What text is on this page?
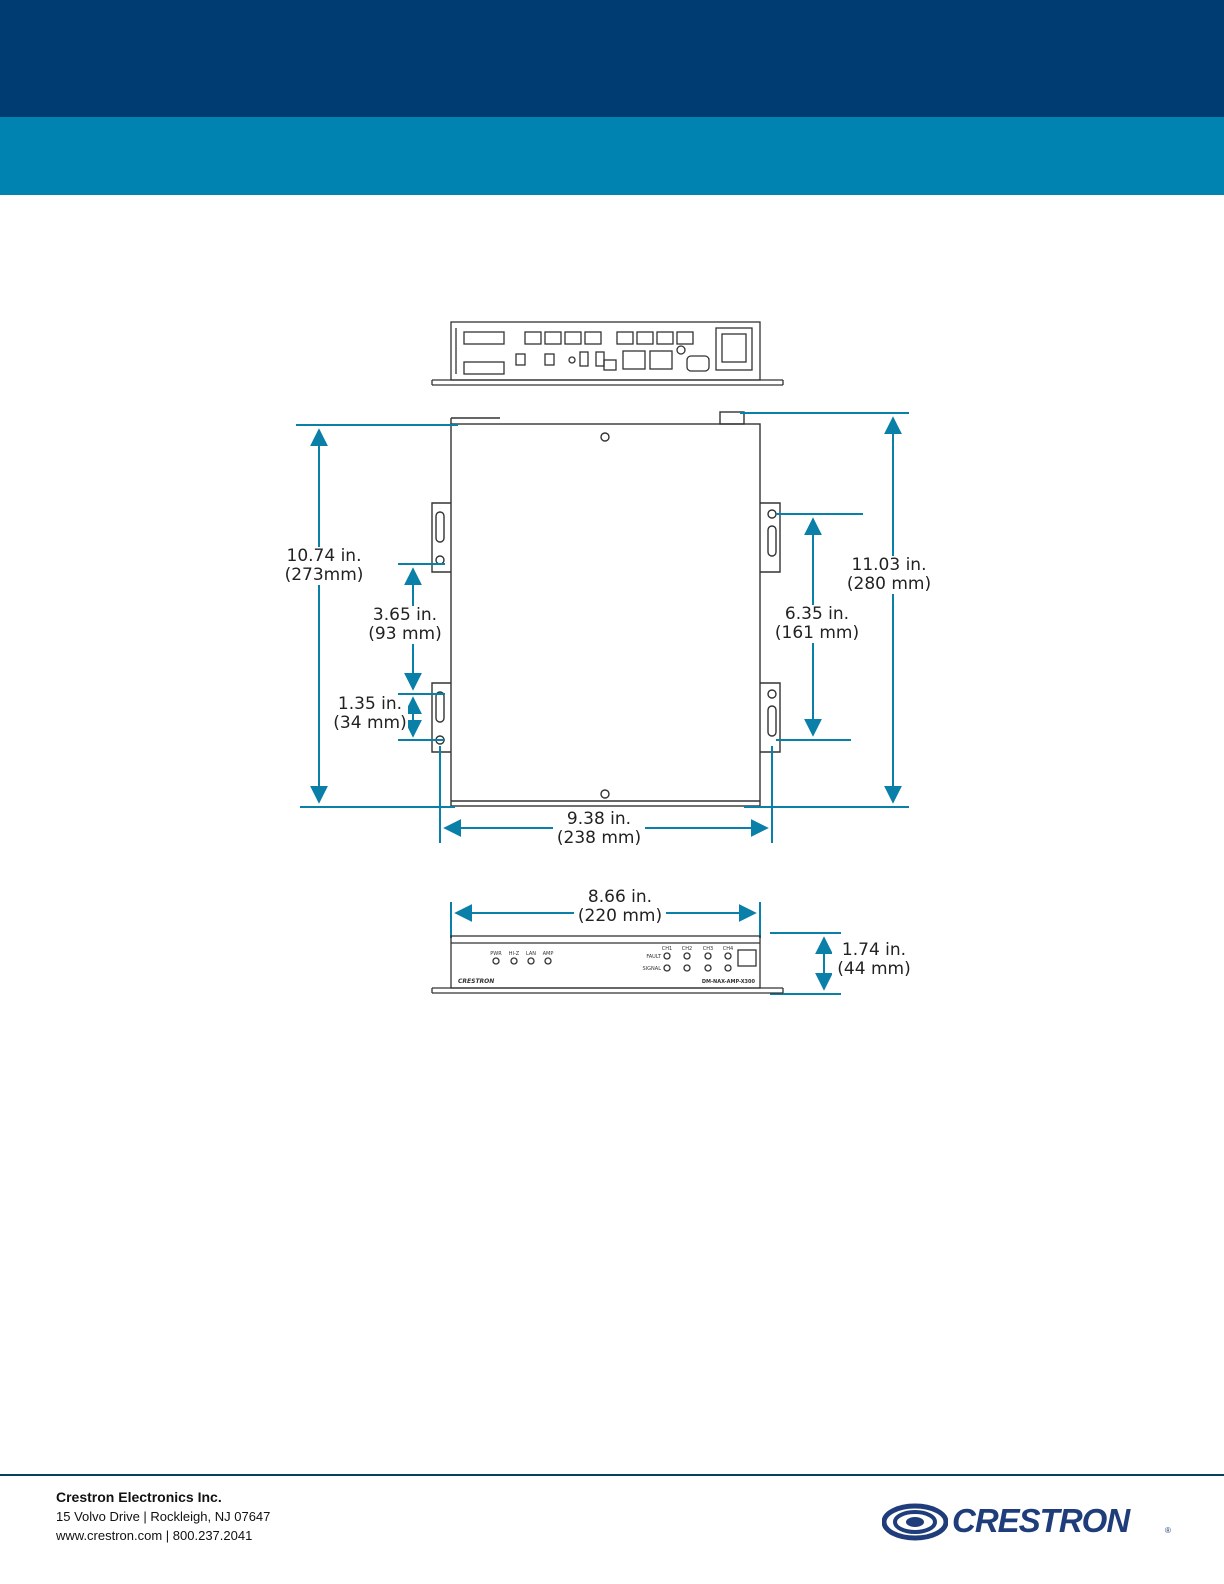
PWR HI-Z LAN AMP
CH1 CH2 CH3 CH4
FAULT
SIGNAL
CRESTRON	DM-NAX-AMP-X300
10.74 in.
(273mm)
3.65 in.
(93 mm)
1.35 in.
(34 mm)
11.03 in.
(280 mm)
6.35 in.
(161 mm)
9.38 in.
(238 mm)
8.66 in.
(220 mm)
1.74 in.
(44 mm)
Crestron Electronics Inc.
15 Volvo Drive | Rockleigh, NJ 07647
www.crestron.com | 800.237.2041	CRESTRON	®
